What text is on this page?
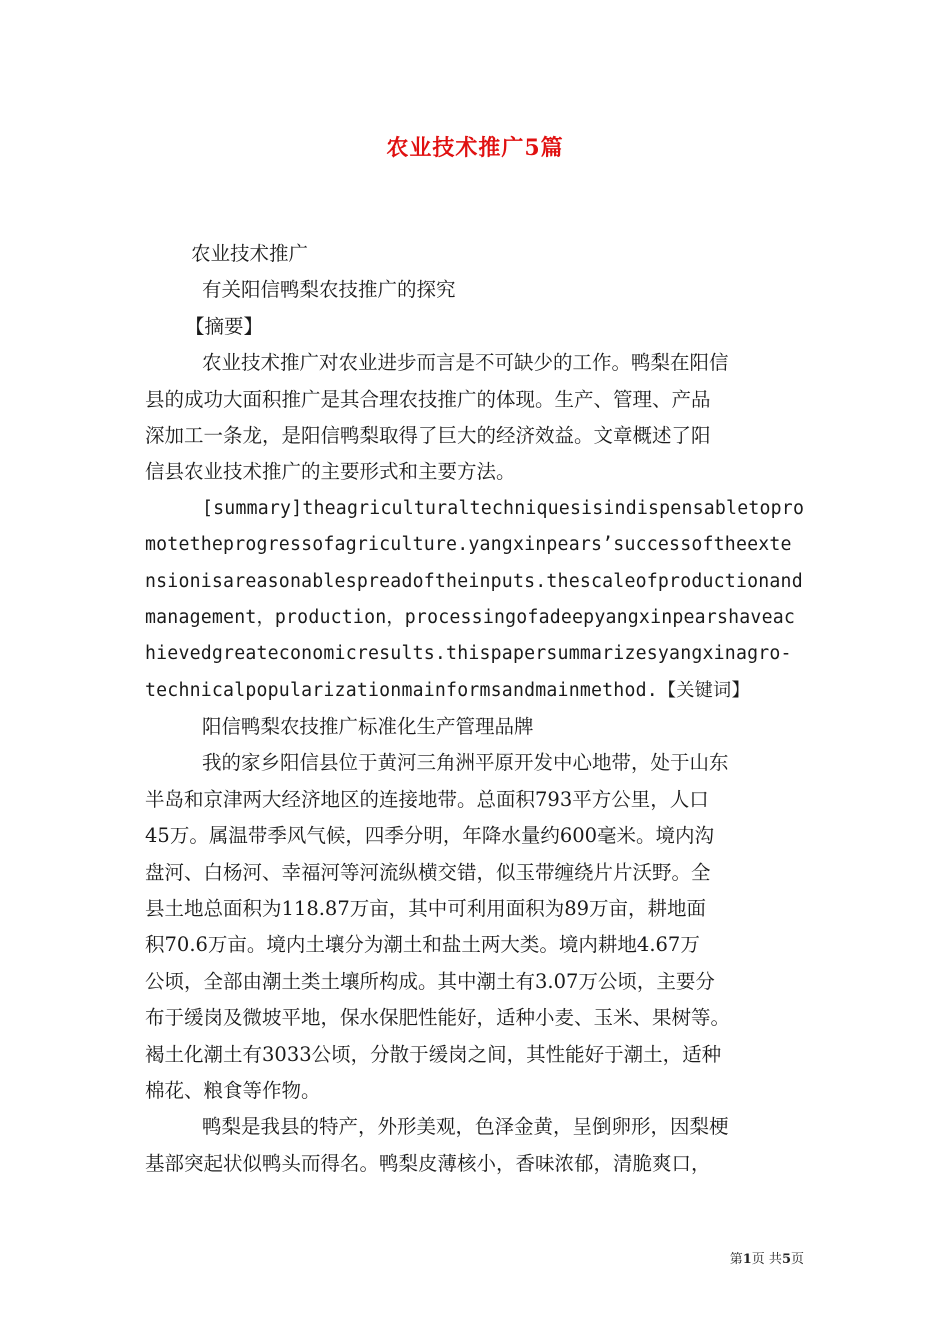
农业技术推广5篇
农业技术推广
有关阳信鸭梨农技推广的探究
【摘要】
农业技术推广对农业进步而言是不可缺少的工作。鸭梨在阳信
县的成功大面积推广是其合理农技推广的体现。生产、管理、产品
深加工一条龙，是阳信鸭梨取得了巨大的经济效益。文章概述了阳
信县农业技术推广的主要形式和主要方法。
[summary]theagriculturaltechniquesisindispensabletopro
motetheprogressofagriculture.yangxinpears’successoftheexte
nsionisareasonablespreadoftheinputs.thescaleofproductionand
management，production，processingofadeepyangxinpearshaveac
hievedgreateconomicresults.thispapersummarizesyangxinagro-
technicalpopularizationmainformsandmainmethod.【关键词】
阳信鸭梨农技推广标准化生产管理品牌
我的家乡阳信县位于黄河三角洲平原开发中心地带，处于山东
半岛和京津两大经济地区的连接地带。总面积793平方公里，人口
45万。属温带季风气候，四季分明，年降水量约600毫米。境内沟
盘河、白杨河、幸福河等河流纵横交错，似玉带缠绕片片沃野。全
县土地总面积为118.87万亩，其中可利用面积为89万亩，耕地面
积70.6万亩。境内土壤分为潮土和盐土两大类。境内耕地4.67万
公顷，全部由潮土类土壤所构成。其中潮土有3.07万公顷，主要分
布于缓岗及微坡平地，保水保肥性能好，适种小麦、玉米、果树等。
褐土化潮土有3033公顷，分散于缓岗之间，其性能好于潮土，适种
棉花、粮食等作物。
鸭梨是我县的特产，外形美观，色泽金黄，呈倒卵形，因梨梗
基部突起状似鸭头而得名。鸭梨皮薄核小，香味浓郁，清脆爽口，
第1页 共5页
